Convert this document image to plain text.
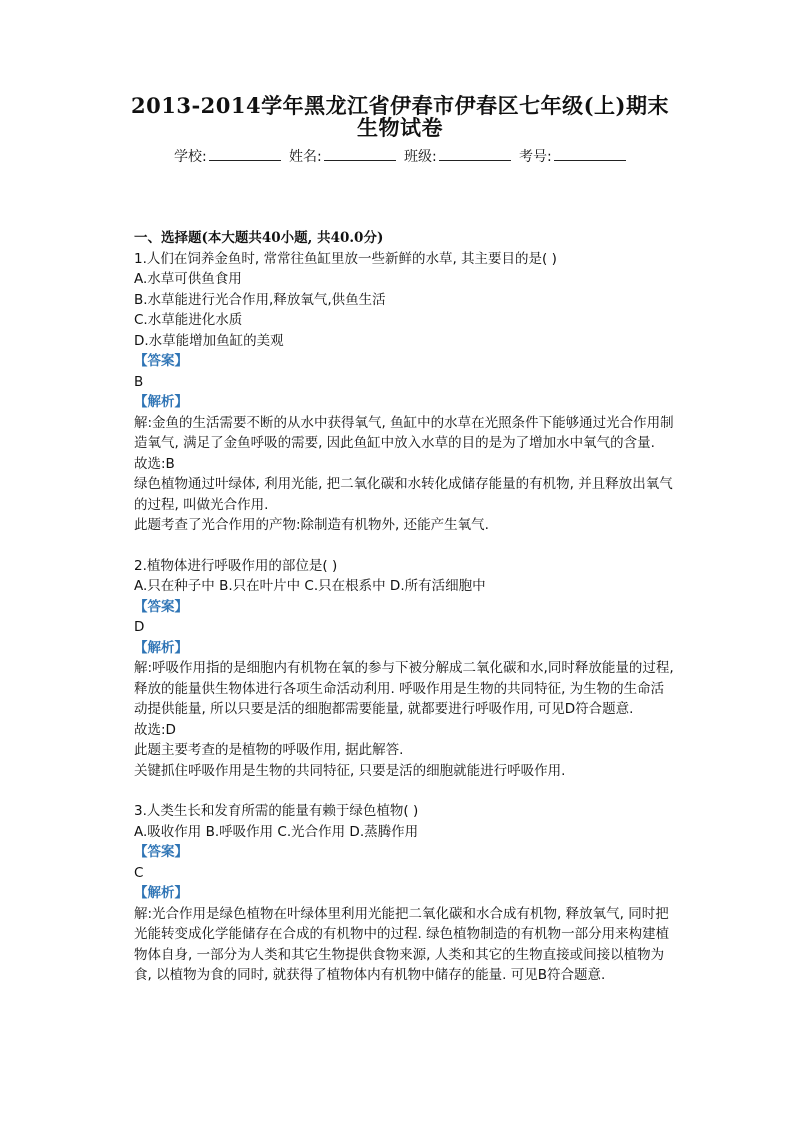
2013-2014学年黑龙江省伊春市伊春区七年级(上)期末
生物试卷
学校:	姓名:	班级:	考号:

一、选择题(本大题共40小题, 共40.0分)

1.人们在饲养金鱼时, 常常往鱼缸里放一些新鲜的水草, 其主要目的是( )

A.水草可供鱼食用

B.水草能进行光合作用,释放氧气,供鱼生活

C.水草能进化水质

D.水草能增加鱼缸的美观

【答案】

B

【解析】

解:金鱼的生活需要不断的从水中获得氧气, 鱼缸中的水草在光照条件下能够通过光合作用制造氧气, 满足了金鱼呼吸的需要, 因此鱼缸中放入水草的目的是为了增加水中氧气的含量.

故选:B

绿色植物通过叶绿体, 利用光能, 把二氧化碳和水转化成储存能量的有机物, 并且释放出氧气的过程, 叫做光合作用.

此题考查了光合作用的产物:除制造有机物外, 还能产生氧气.

2.植物体进行呼吸作用的部位是( )

A.只在种子中 B.只在叶片中 C.只在根系中 D.所有活细胞中

【答案】

D

【解析】

解:呼吸作用指的是细胞内有机物在氧的参与下被分解成二氧化碳和水,同时释放能量的过程, 释放的能量供生物体进行各项生命活动利用. 呼吸作用是生物的共同特征, 为生物的生命活动提供能量, 所以只要是活的细胞都需要能量, 就都要进行呼吸作用, 可见D符合题意.

故选:D

此题主要考查的是植物的呼吸作用, 据此解答.

关键抓住呼吸作用是生物的共同特征, 只要是活的细胞就能进行呼吸作用.

3.人类生长和发育所需的能量有赖于绿色植物( )

A.吸收作用 B.呼吸作用 C.光合作用 D.蒸腾作用

【答案】

C

【解析】

解:光合作用是绿色植物在叶绿体里利用光能把二氧化碳和水合成有机物, 释放氧气, 同时把光能转变成化学能储存在合成的有机物中的过程. 绿色植物制造的有机物一部分用来构建植物体自身, 一部分为人类和其它生物提供食物来源, 人类和其它的生物直接或间接以植物为食, 以植物为食的同时, 就获得了植物体内有机物中储存的能量. 可见B符合题意.
